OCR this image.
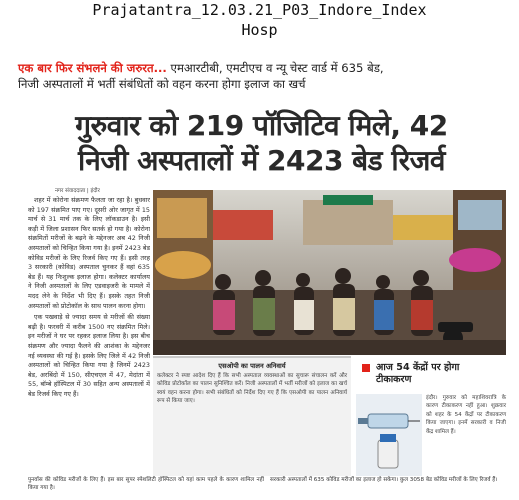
Prajatantra_12.03.21_P03_Indore_Index
Hosp
एक बार फिर संभलने की जरुरत... एमआरटीबी, एमटीएच व न्यू चेस्ट वार्ड में 635 बेड,
निजी अस्पतालों में भर्ती संबंधितों को वहन करना होगा इलाज का खर्च
गुरुवार को 219 पॉजिटिव मिले, 42
निजी अस्पतालों में 2423 बेड रिजर्व
नगर संवाददाता | इंदौर

शहर में कोरोना संक्रमण फैलता जा रहा है। बुधवार को 197 संक्रमित पाए गए। दूसरी ओर जागृत में 15 मार्च से 31 मार्च तक के लिए लॉकडाउन है। इसी कड़ी में जिला प्रशासन फिर सतर्क हो गया है। कोरोना संक्रमितों मरीजों के बढ़ने के मद्देनजर अब 42 निजी अस्पतालों को चिन्हित किया गया है। इनमें 2423 बेड कोविड मरीजों के लिए रिजर्व किए गए हैं। इसी तरह 3 सरकारी (कोविड) अस्पताल चुनकर हैं वहां 635 बेड हैं। यह निःशुल्क इलाज होगा। कलेक्टर कार्यालय ने निजी अस्पतालों के लिए एडवाइजरी के मामले में मदद लेने के निर्देश भी दिए हैं। इसके तहत निजी अस्पतालों को प्रोटोकॉल के साथ पालन करना होगा।

एक पखवाड़े से ज्यादा समय से मरीजों की संख्या बढ़ी है। फरवरी में करीब 1500 नए संक्रमित मिले। इन मरीजों ने घर पर रहकर इलाज लिया है। इस बीच संक्रमण और ज्यादा फैलने की आशंका के मद्देनजर नई व्यवस्था की गई है। इसके लिए जिले में 42 निजी अस्पतालों को चिन्हित किया गया है जिनमें 2423 बेड, अरबिंदो में 150, सीएचएल में 47, मेदांता में 55, बॉम्बे हॉस्पिटल में 30 सहित अन्य अस्पतालों में बेड रिजर्व किए गए हैं।

एसओपी का पालन अनिवार्य
कलेक्टर ने स्पष्ट आदेश दिए हैं कि सभी अस्पताल व्यवस्थाओं का सुचारू संचालन करें और कोविड प्रोटोकॉल का पालन सुनिश्चित करें। निजी अस्पतालों में भर्ती मरीजों को इलाज का खर्च स्वयं वहन करना होगा। सभी संबंधितों को निर्देश दिए गए हैं कि एसओपी का पालन अनिवार्य रूप से किया जाए।
आज 54 केंद्रों पर होगा
टीकाकरण
इंदौर। गुरुवार को महाशिवरात्रि के कारण टीकाकरण नहीं हुआ। शुक्रवार को शहर के 54 केंद्रों पर टीकाकरण किया जाएगा। इनमें सरकारी व निजी केंद्र शामिल हैं।
पुनर्वास की कोविड मरीजों के लिए हैं। इस बार सुपर स्पेशलिटी हॉस्पिटल को यहां काम पहले के कारण शामिल नहीं किया गया है।
सरकारी अस्पतालों में 635 कोविड मरीजों का इलाज हो सकेगा। कुल 3058 बेड कोविड मरीजों के लिए रिजर्व हैं।
